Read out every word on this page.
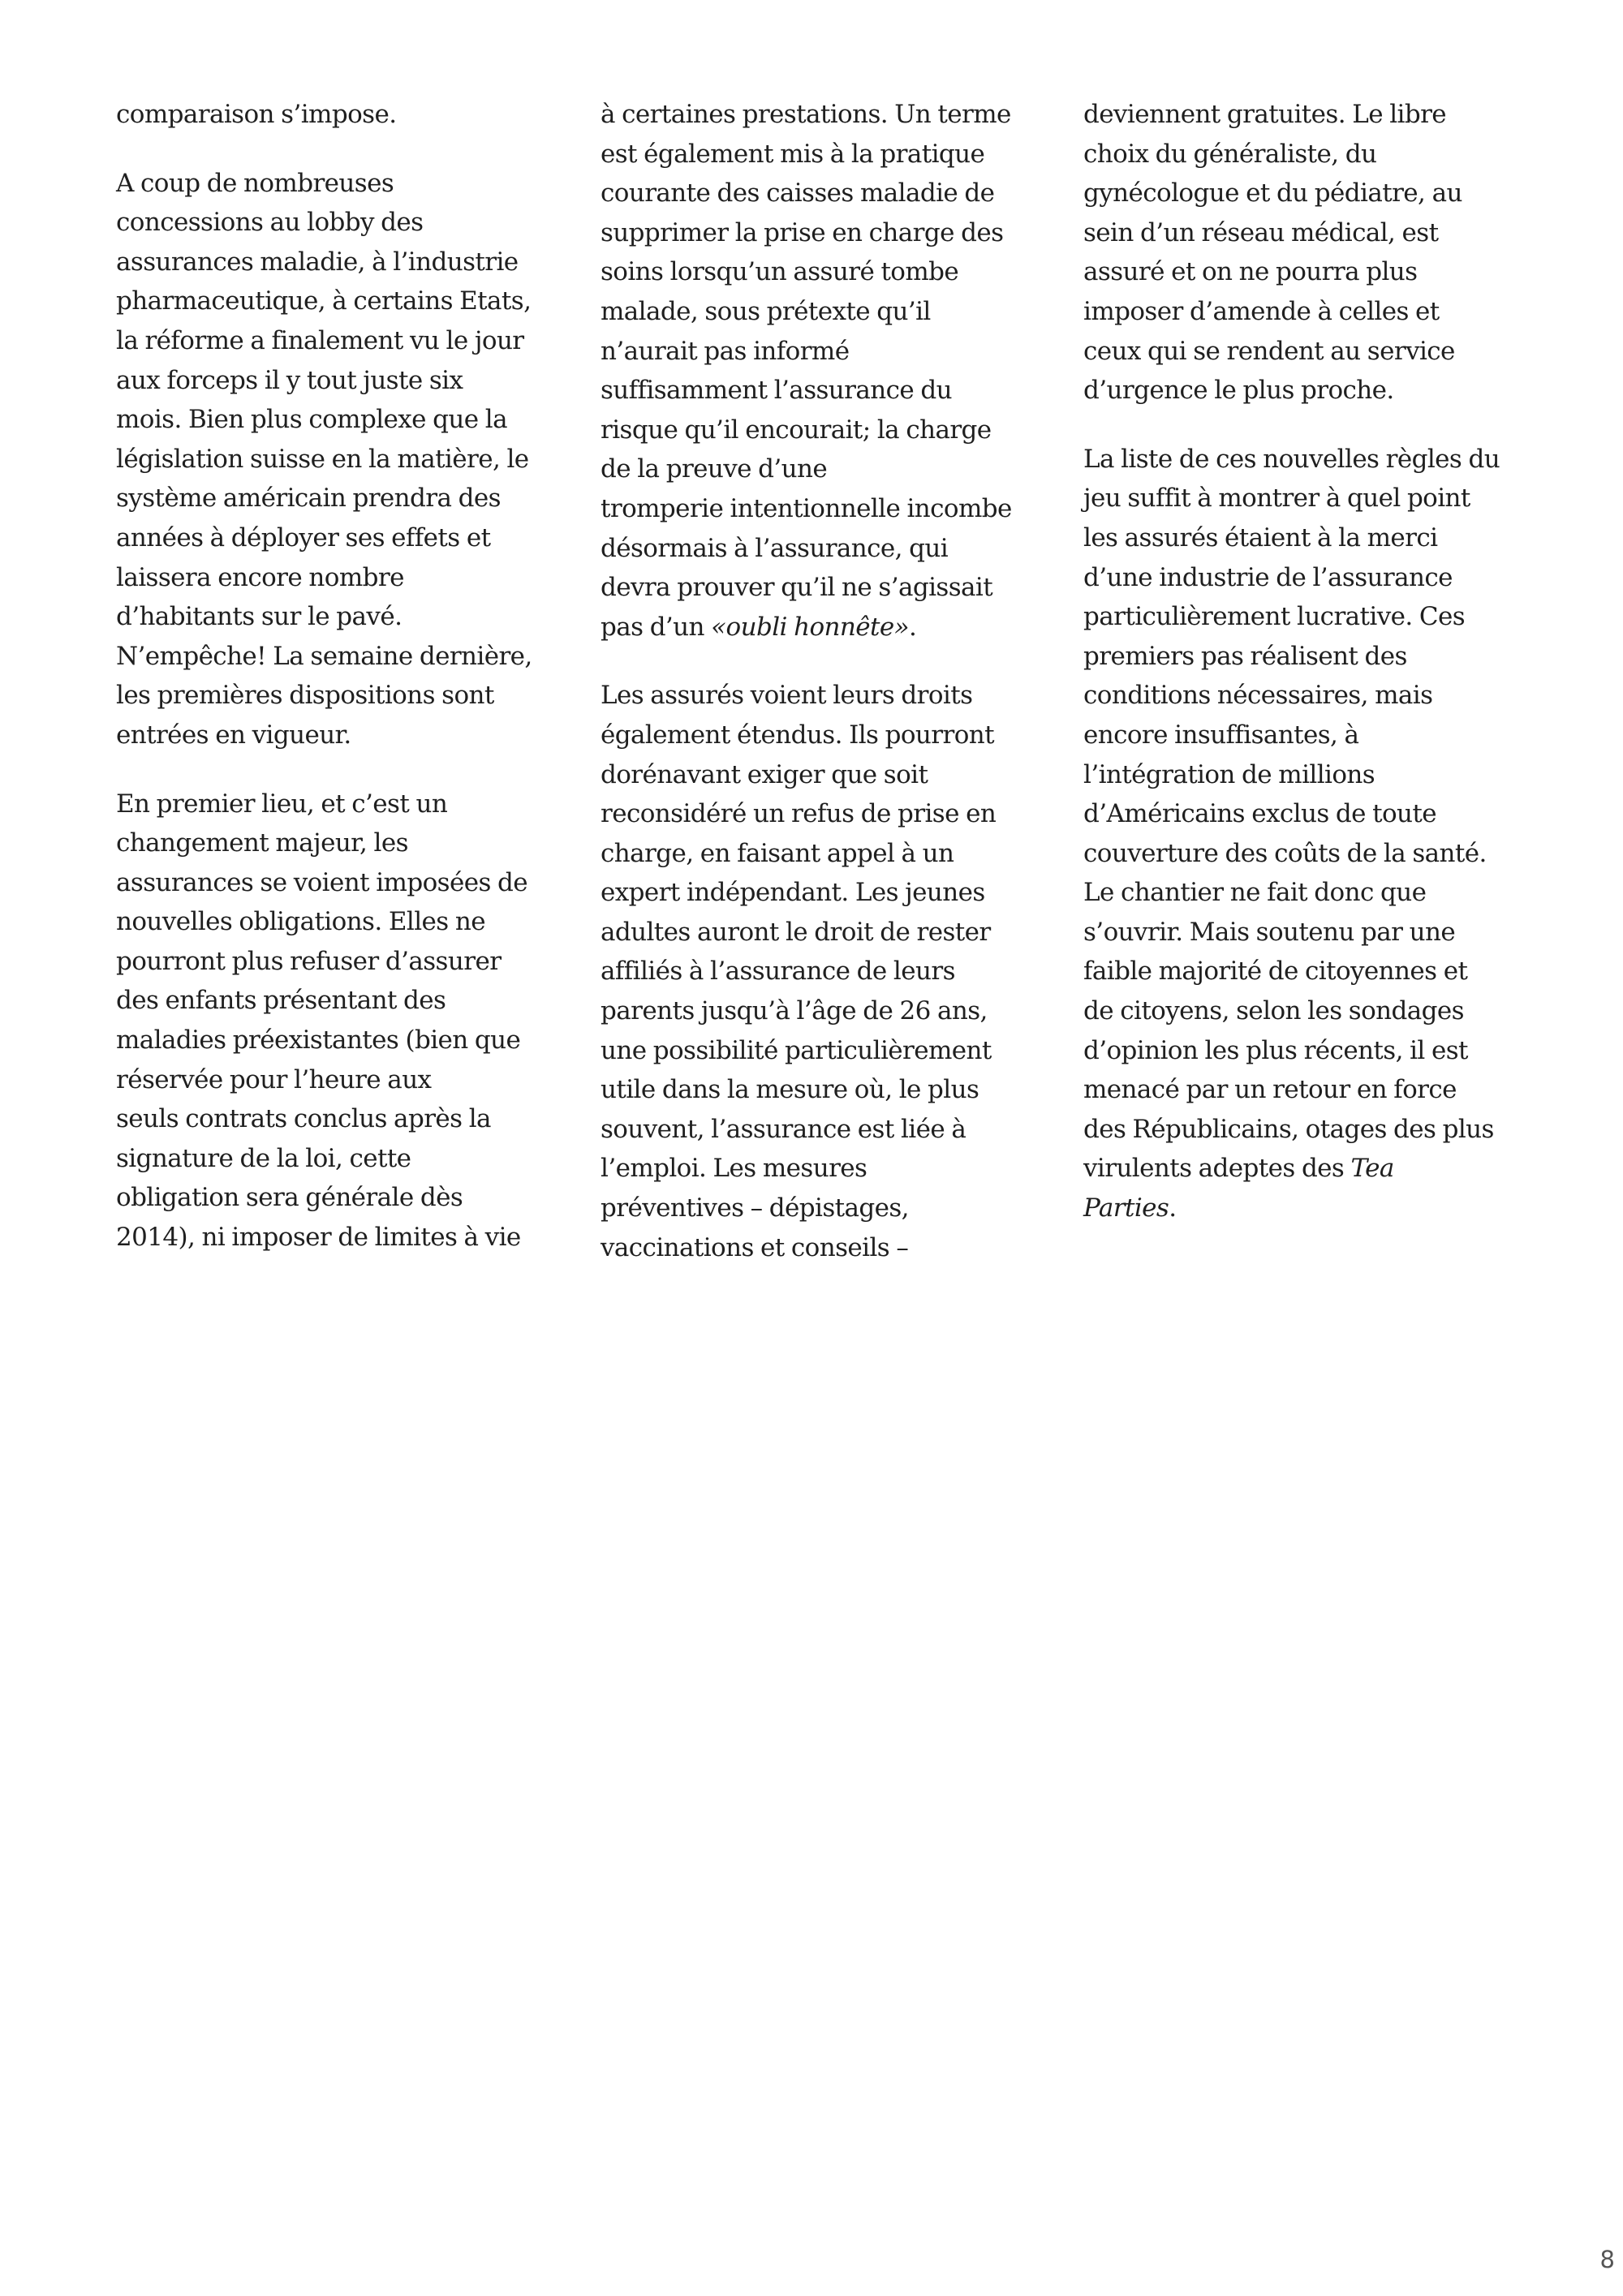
comparaison s’impose.

A coup de nombreuses
concessions au lobby des
assurances maladie, à l’industrie
pharmaceutique, à certains Etats,
la réforme a finalement vu le jour
aux forceps il y tout juste six
mois. Bien plus complexe que la
législation suisse en la matière, le
système américain prendra des
années à déployer ses effets et
laissera encore nombre
d’habitants sur le pavé.
N’empêche! La semaine dernière,
les premières dispositions sont
entrées en vigueur.

En premier lieu, et c’est un
changement majeur, les
assurances se voient imposées de
nouvelles obligations. Elles ne
pourront plus refuser d’assurer
des enfants présentant des
maladies préexistantes (bien que
réservée pour l’heure aux
seuls contrats conclus après la
signature de la loi, cette
obligation sera générale dès
2014), ni imposer de limites à vie

à certaines prestations. Un terme
est également mis à la pratique
courante des caisses maladie de
supprimer la prise en charge des
soins lorsqu’un assuré tombe
malade, sous prétexte qu’il
n’aurait pas informé
suffisamment l’assurance du
risque qu’il encourait; la charge
de la preuve d’une
tromperie intentionnelle incombe
désormais à l’assurance, qui
devra prouver qu’il ne s’agissait
pas d’un «oubli honnête».

Les assurés voient leurs droits
également étendus. Ils pourront
dorénavant exiger que soit
reconsidéré un refus de prise en
charge, en faisant appel à un
expert indépendant. Les jeunes
adultes auront le droit de rester
affiliés à l’assurance de leurs
parents jusqu’à l’âge de 26 ans,
une possibilité particulièrement
utile dans la mesure où, le plus
souvent, l’assurance est liée à
l’emploi. Les mesures
préventives – dépistages,
vaccinations et conseils –

deviennent gratuites. Le libre
choix du généraliste, du
gynécologue et du pédiatre, au
sein d’un réseau médical, est
assuré et on ne pourra plus
imposer d’amende à celles et
ceux qui se rendent au service
d’urgence le plus proche.

La liste de ces nouvelles règles du
jeu suffit à montrer à quel point
les assurés étaient à la merci
d’une industrie de l’assurance
particulièrement lucrative. Ces
premiers pas réalisent des
conditions nécessaires, mais
encore insuffisantes, à
l’intégration de millions
d’Américains exclus de toute
couverture des coûts de la santé.
Le chantier ne fait donc que
s’ouvrir. Mais soutenu par une
faible majorité de citoyennes et
de citoyens, selon les sondages
d’opinion les plus récents, il est
menacé par un retour en force
des Républicains, otages des plus
virulents adeptes des Tea
Parties.

8
